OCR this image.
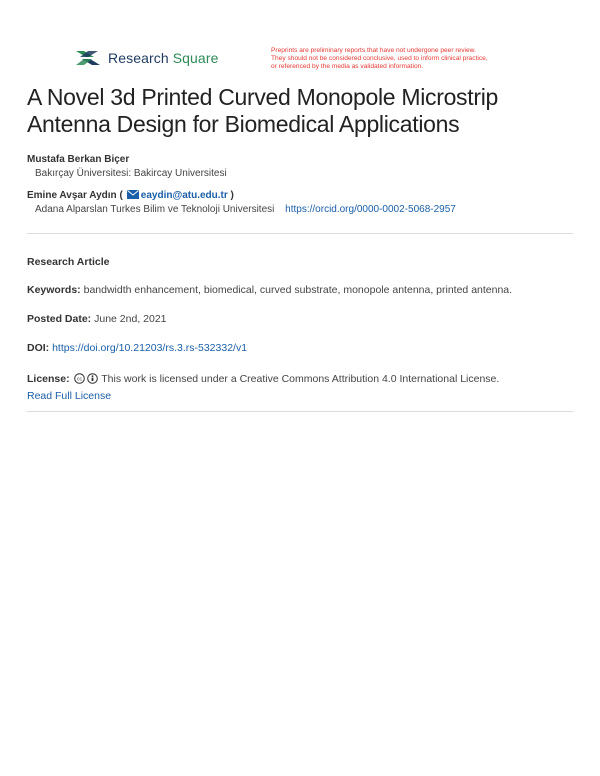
Research Square	Preprints are preliminary reports that have not undergone peer review.
They should not be considered conclusive, used to inform clinical practice,
or referenced by the media as validated information.
A Novel 3d Printed Curved Monopole Microstrip Antenna Design for Biomedical Applications
Mustafa Berkan Biçer
Bakırçay Üniversitesi: Bakircay Universitesi
Emine Avşar Aydın ( eaydin@atu.edu.tr )
Adana Alparslan Turkes Bilim ve Teknoloji Universitesi https://orcid.org/0000-0002-5068-2957
Research Article
Keywords: bandwidth enhancement, biomedical, curved substrate, monopole antenna, printed antenna.
Posted Date: June 2nd, 2021
DOI: https://doi.org/10.21203/rs.3.rs-532332/v1
License: cc This work is licensed under a Creative Commons Attribution 4.0 International License.
Read Full License
